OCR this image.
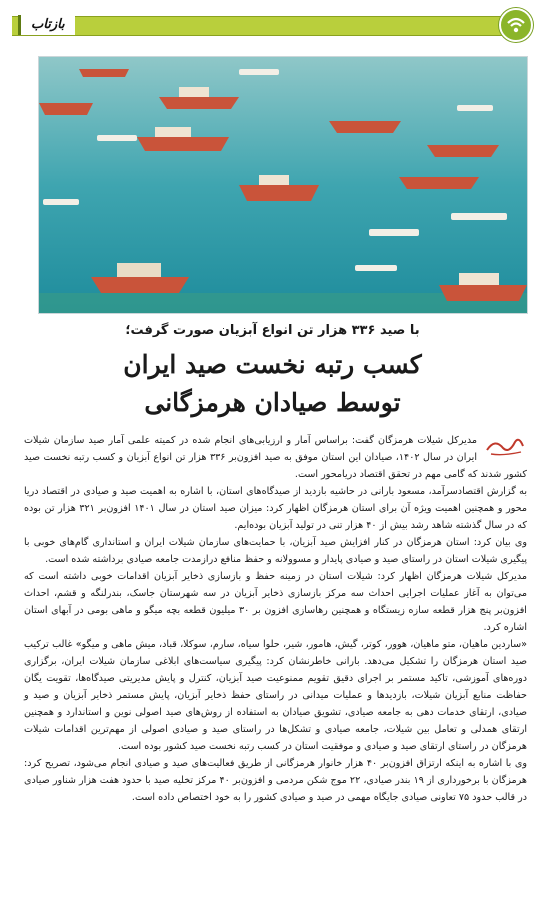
بازتاب
با صید ۳۳۶ هزار تن انواع آبزیان صورت گرفت؛
کسب رتبه نخست صید ایران
توسط صیادان هرمزگانی

مدیرکل شیلات هرمزگان گفت: براساس آمار و ارزیابی‌های انجام شده در کمیته علمی آمار صید سازمان شیلات ایران در سال ۱۴۰۲، صیادان این استان موفق به صید افزون‌بر ۳۳۶ هزار تن انواع آبزیان و کسب رتبه نخست صید کشور شدند که گامی مهم در تحقق اقتصاد دریامحور است.

به گزارش اقتصادسرآمد، مسعود بارانی در حاشیه بازدید از صیدگاه‌های استان، با اشاره به اهمیت صید و صیادی در اقتصاد دریا محور و همچنین اهمیت ویژه آن برای استان هرمزگان اظهار کرد: میزان صید استان در سال ۱۴۰۱ افزون‌بر ۳۲۱ هزار تن بوده که در سال گذشته شاهد رشد بیش از ۴۰ هزار تنی در تولید آبزیان بوده‌ایم.

وی بیان کرد: استان هرمزگان در کنار افزایش صید آبزیان، با حمایت‌های سازمان شیلات ایران و استانداری گام‌های خوبی با پیگیری شیلات استان در راستای صید و صیادی پایدار و مسوولانه و حفظ منافع درازمدت جامعه صیادی برداشته شده است.

مدیرکل شیلات هرمزگان اظهار کرد: شیلات استان در زمینه حفظ و بازسازی ذخایر آبزیان اقدامات خوبی داشته است که می‌توان به آغاز عملیات اجرایی احداث سه مرکز بازسازی ذخایر آبزیان در سه شهرستان جاسک، بندرلنگه و قشم، احداث افزون‌بر پنج هزار قطعه سازه زیستگاه و همچنین رهاسازی افزون بر ۳۰ میلیون قطعه بچه میگو و ماهی بومی در آبهای استان اشاره کرد.

«ساردین ماهیان، متو ماهیان، هوور، کوتر، گیش، هامور، شیر، حلوا سیاه، سارم، سوکلا، قباد، میش ماهی و میگو» غالب ترکیب صید استان هرمزگان را تشکیل می‌دهد. بارانی خاطرنشان کرد: پیگیری سیاست‌های ابلاغی سازمان شیلات ایران، برگزاری دوره‌های آموزشی، تاکید مستمر بر اجرای دقیق تقویم ممنوعیت صید آبزیان، کنترل و پایش مدیریتی صیدگاه‌ها، تقویت یگان حفاظت منابع آبزیان شیلات، بازدیدها و عملیات میدانی در راستای حفظ ذخایر آبزیان، پایش مستمر ذخایر آبزیان و صید و صیادی، ارتقای خدمات دهی به جامعه صیادی، تشویق صیادان به استفاده از روش‌های صید اصولی نوین و استاندارد و همچنین ارتقای همدلی و تعامل بین شیلات، جامعه صیادی و تشکل‌ها در راستای صید و صیادی اصولی از مهم‌ترین اقدامات شیلات هرمزگان در راستای ارتقای صید و صیادی و موفقیت استان در کسب رتبه نخست صید کشور بوده است.

وی با اشاره به اینکه ارتزاق افزون‌بر ۴۰ هزار خانوار هرمزگانی از طریق فعالیت‌های صید و صیادی انجام می‌شود، تصریح کرد: هرمزگان با برخورداری از ۱۹ بندر صیادی، ۲۲ موج شکن مردمی و افزون‌بر ۴۰ مرکز تخلیه صید با حدود هفت هزار شناور صیادی در قالب حدود ۷۵ تعاونی صیادی جایگاه مهمی در صید و صیادی کشور را به خود اختصاص داده است.
